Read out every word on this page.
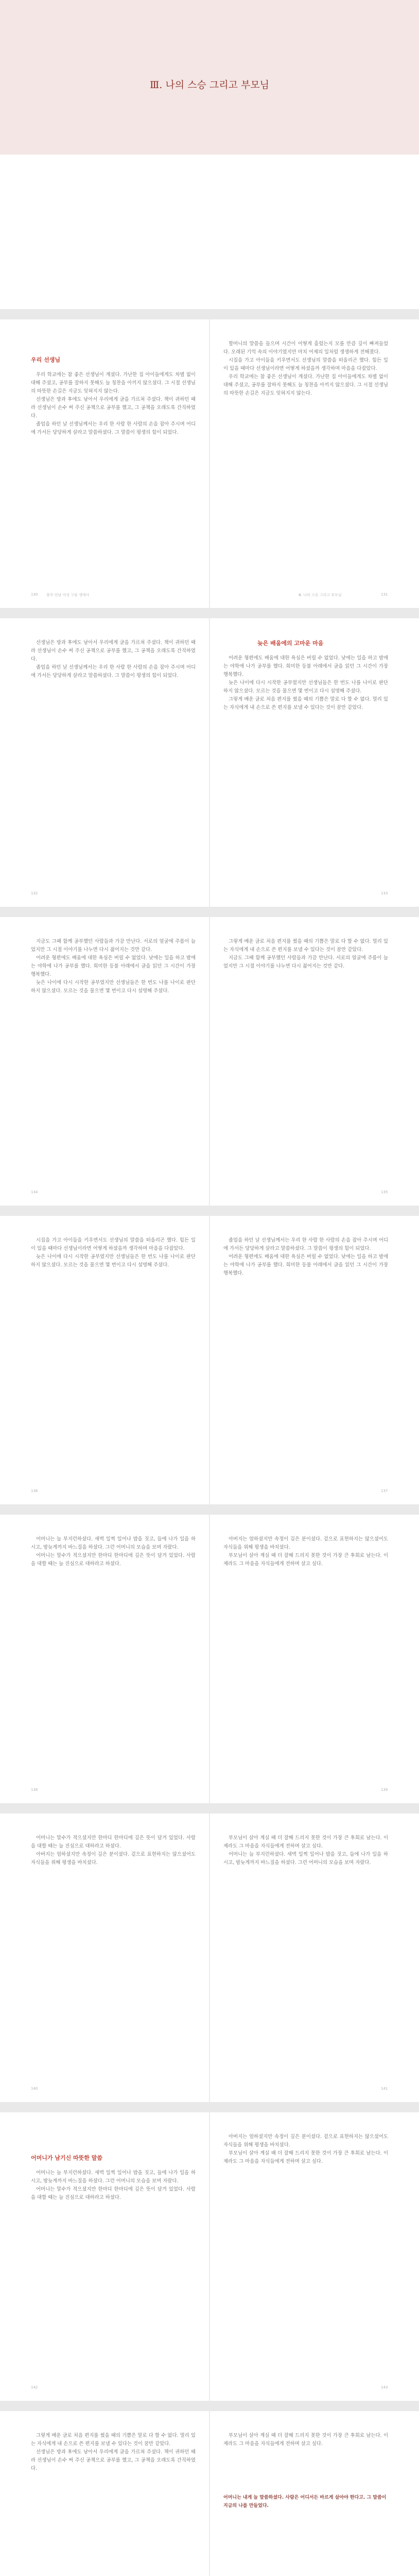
Ⅲ. 나의 스승 그리고 부모님
우리 선생님

우리 학교에는 참 좋은 선생님이 계셨다. 가난한 집 아이들에게도 차별 없이 대해 주셨고, 공부를 잘하지 못해도 늘 칭찬을 아끼지 않으셨다. 그 시절 선생님의 따뜻한 손길은 지금도 잊혀지지 않는다.

선생님은 방과 후에도 남아서 우리에게 글을 가르쳐 주셨다. 책이 귀하던 때라 선생님이 손수 써 주신 공책으로 공부를 했고, 그 공책을 오래도록 간직하였다.

졸업을 하던 날 선생님께서는 우리 한 사람 한 사람의 손을 잡아 주시며 어디에 가서든 당당하게 살라고 말씀하셨다. 그 말씀이 평생의 힘이 되었다.

할머니의 말씀을 들으며 시간이 어떻게 흘렀는지 모를 만큼 깊이 빠져들었다. 오래된 기억 속의 이야기였지만 마치 어제의 일처럼 생생하게 전해졌다.

시집을 가고 아이들을 키우면서도 선생님의 말씀을 떠올리곤 했다. 힘든 일이 있을 때마다 선생님이라면 어떻게 하셨을까 생각하며 마음을 다잡았다.

우리 학교에는 참 좋은 선생님이 계셨다. 가난한 집 아이들에게도 차별 없이 대해 주셨고, 공부를 잘하지 못해도 늘 칭찬을 아끼지 않으셨다. 그 시절 선생님의 따뜻한 손길은 지금도 잊혀지지 않는다.

130 광주·전남 여성 구술 생애사	Ⅲ. 나의 스승 그리고 부모님	131

선생님은 방과 후에도 남아서 우리에게 글을 가르쳐 주셨다. 책이 귀하던 때라 선생님이 손수 써 주신 공책으로 공부를 했고, 그 공책을 오래도록 간직하였다.

졸업을 하던 날 선생님께서는 우리 한 사람 한 사람의 손을 잡아 주시며 어디에 가서든 당당하게 살라고 말씀하셨다. 그 말씀이 평생의 힘이 되었다.

늦은 배움에의 고마운 마음

어려운 형편에도 배움에 대한 욕심은 버릴 수 없었다. 낮에는 일을 하고 밤에는 야학에 나가 공부를 했다. 희미한 등불 아래에서 글을 읽던 그 시간이 가장 행복했다.

늦은 나이에 다시 시작한 공부였지만 선생님들은 한 번도 나를 나이로 판단하지 않으셨다. 모르는 것을 물으면 몇 번이고 다시 설명해 주셨다.

그렇게 배운 글로 처음 편지를 썼을 때의 기쁨은 말로 다 할 수 없다. 멀리 있는 자식에게 내 손으로 쓴 편지를 보낼 수 있다는 것이 꿈만 같았다.

132	133

지금도 그때 함께 공부했던 사람들과 가끔 만난다. 서로의 얼굴에 주름이 늘었지만 그 시절 이야기를 나누면 다시 젊어지는 것만 같다.

어려운 형편에도 배움에 대한 욕심은 버릴 수 없었다. 낮에는 일을 하고 밤에는 야학에 나가 공부를 했다. 희미한 등불 아래에서 글을 읽던 그 시간이 가장 행복했다.

늦은 나이에 다시 시작한 공부였지만 선생님들은 한 번도 나를 나이로 판단하지 않으셨다. 모르는 것을 물으면 몇 번이고 다시 설명해 주셨다.

그렇게 배운 글로 처음 편지를 썼을 때의 기쁨은 말로 다 할 수 없다. 멀리 있는 자식에게 내 손으로 쓴 편지를 보낼 수 있다는 것이 꿈만 같았다.

지금도 그때 함께 공부했던 사람들과 가끔 만난다. 서로의 얼굴에 주름이 늘었지만 그 시절 이야기를 나누면 다시 젊어지는 것만 같다.

134	135

시집을 가고 아이들을 키우면서도 선생님의 말씀을 떠올리곤 했다. 힘든 일이 있을 때마다 선생님이라면 어떻게 하셨을까 생각하며 마음을 다잡았다.

늦은 나이에 다시 시작한 공부였지만 선생님들은 한 번도 나를 나이로 판단하지 않으셨다. 모르는 것을 물으면 몇 번이고 다시 설명해 주셨다.

졸업을 하던 날 선생님께서는 우리 한 사람 한 사람의 손을 잡아 주시며 어디에 가서든 당당하게 살라고 말씀하셨다. 그 말씀이 평생의 힘이 되었다.

어려운 형편에도 배움에 대한 욕심은 버릴 수 없었다. 낮에는 일을 하고 밤에는 야학에 나가 공부를 했다. 희미한 등불 아래에서 글을 읽던 그 시간이 가장 행복했다.

136	137

어머니는 늘 부지런하셨다. 새벽 일찍 일어나 밥을 짓고, 들에 나가 일을 하시고, 밤늦게까지 바느질을 하셨다. 그런 어머니의 모습을 보며 자랐다.

어머니는 말수가 적으셨지만 한마디 한마디에 깊은 뜻이 담겨 있었다. 사람을 대할 때는 늘 진심으로 대하라고 하셨다.

아버지는 엄하셨지만 속정이 깊은 분이셨다. 겉으로 표현하지는 않으셨어도 자식들을 위해 평생을 바치셨다.

부모님이 살아 계실 때 더 잘해 드리지 못한 것이 가장 큰 후회로 남는다. 이제라도 그 마음을 자식들에게 전하며 살고 싶다.

138	139

어머니는 말수가 적으셨지만 한마디 한마디에 깊은 뜻이 담겨 있었다. 사람을 대할 때는 늘 진심으로 대하라고 하셨다.

아버지는 엄하셨지만 속정이 깊은 분이셨다. 겉으로 표현하지는 않으셨어도 자식들을 위해 평생을 바치셨다.

부모님이 살아 계실 때 더 잘해 드리지 못한 것이 가장 큰 후회로 남는다. 이제라도 그 마음을 자식들에게 전하며 살고 싶다.

어머니는 늘 부지런하셨다. 새벽 일찍 일어나 밥을 짓고, 들에 나가 일을 하시고, 밤늦게까지 바느질을 하셨다. 그런 어머니의 모습을 보며 자랐다.

140	141
어머니가 남기신 따뜻한 말씀

어머니는 늘 부지런하셨다. 새벽 일찍 일어나 밥을 짓고, 들에 나가 일을 하시고, 밤늦게까지 바느질을 하셨다. 그런 어머니의 모습을 보며 자랐다.

어머니는 말수가 적으셨지만 한마디 한마디에 깊은 뜻이 담겨 있었다. 사람을 대할 때는 늘 진심으로 대하라고 하셨다.

아버지는 엄하셨지만 속정이 깊은 분이셨다. 겉으로 표현하지는 않으셨어도 자식들을 위해 평생을 바치셨다.

부모님이 살아 계실 때 더 잘해 드리지 못한 것이 가장 큰 후회로 남는다. 이제라도 그 마음을 자식들에게 전하며 살고 싶다.

142	143

그렇게 배운 글로 처음 편지를 썼을 때의 기쁨은 말로 다 할 수 없다. 멀리 있는 자식에게 내 손으로 쓴 편지를 보낼 수 있다는 것이 꿈만 같았다.

선생님은 방과 후에도 남아서 우리에게 글을 가르쳐 주셨다. 책이 귀하던 때라 선생님이 손수 써 주신 공책으로 공부를 했고, 그 공책을 오래도록 간직하였다.

부모님이 살아 계실 때 더 잘해 드리지 못한 것이 가장 큰 후회로 남는다. 이제라도 그 마음을 자식들에게 전하며 살고 싶다.

어머니는 내게 늘 말씀하셨다. 사람은 어디서든 바르게 살아야 한다고. 그 말씀이 지금의 나를 만들었다.
